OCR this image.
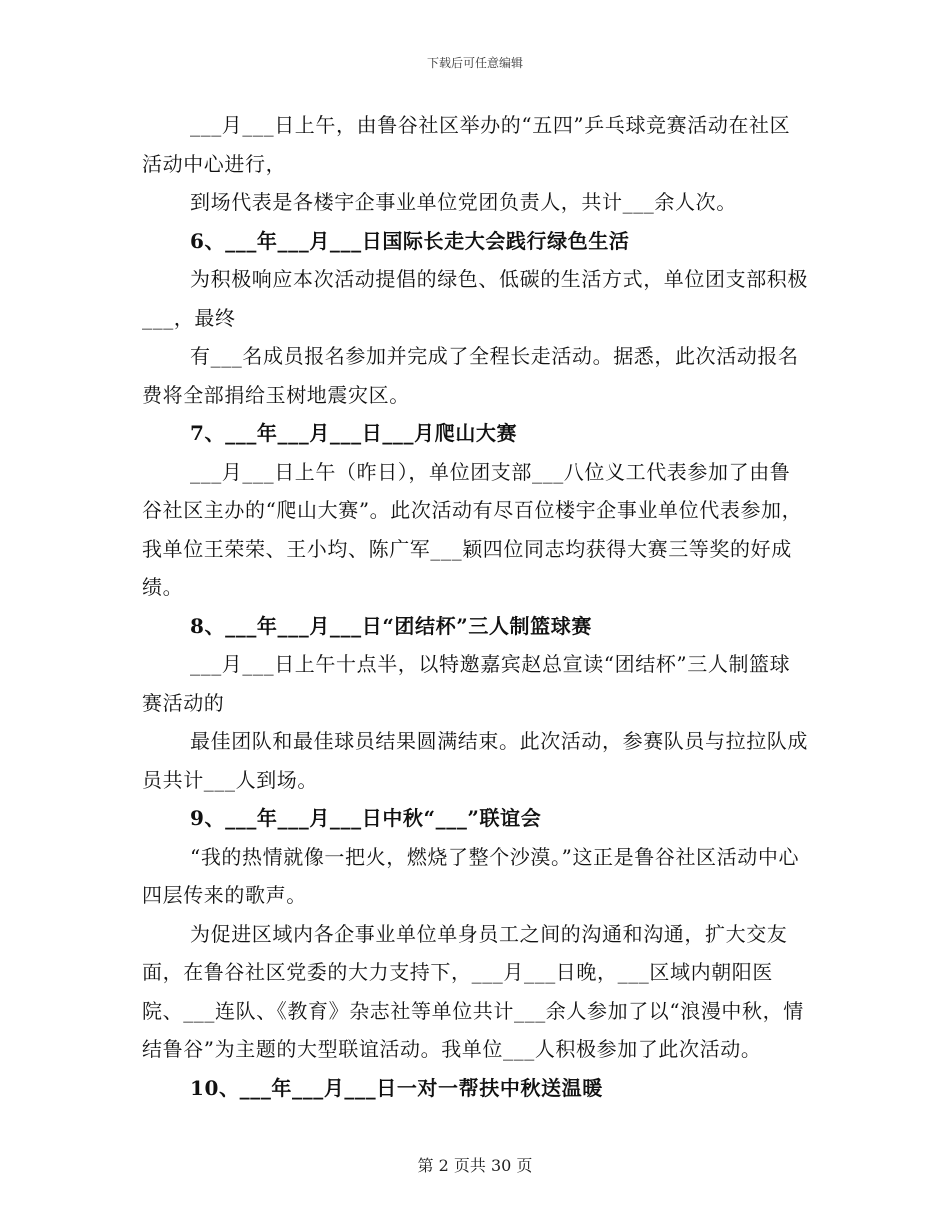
下载后可任意编辑

___月___日上午，由鲁谷社区举办的“五四”乒乓球竞赛活动在社区活动中心进行，

到场代表是各楼宇企事业单位党团负责人，共计___余人次。

6、___年___月___日国际长走大会践行绿色生活

为积极响应本次活动提倡的绿色、低碳的生活方式，单位团支部积极___，最终

有___名成员报名参加并完成了全程长走活动。据悉，此次活动报名费将全部捐给玉树地震灾区。

7、___年___月___日___月爬山大赛

___月___日上午（昨日），单位团支部___八位义工代表参加了由鲁谷社区主办的“爬山大赛”。此次活动有尽百位楼宇企事业单位代表参加，我单位王荣荣、王小均、陈广军___颖四位同志均获得大赛三等奖的好成绩。

8、___年___月___日“团结杯”三人制篮球赛

___月___日上午十点半，以特邀嘉宾赵总宣读“团结杯”三人制篮球赛活动的

最佳团队和最佳球员结果圆满结束。此次活动，参赛队员与拉拉队成员共计___人到场。

9、___年___月___日中秋“___”联谊会

“我的热情就像一把火，燃烧了整个沙漠。”这正是鲁谷社区活动中心四层传来的歌声。

为促进区域内各企事业单位单身员工之间的沟通和沟通，扩大交友面，在鲁谷社区党委的大力支持下，___月___日晚，___区域内朝阳医院、___连队、《教育》杂志社等单位共计___余人参加了以“浪漫中秋，情结鲁谷”为主题的大型联谊活动。我单位___人积极参加了此次活动。

10、___年___月___日一对一帮扶中秋送温暖

第 2 页共 30 页
